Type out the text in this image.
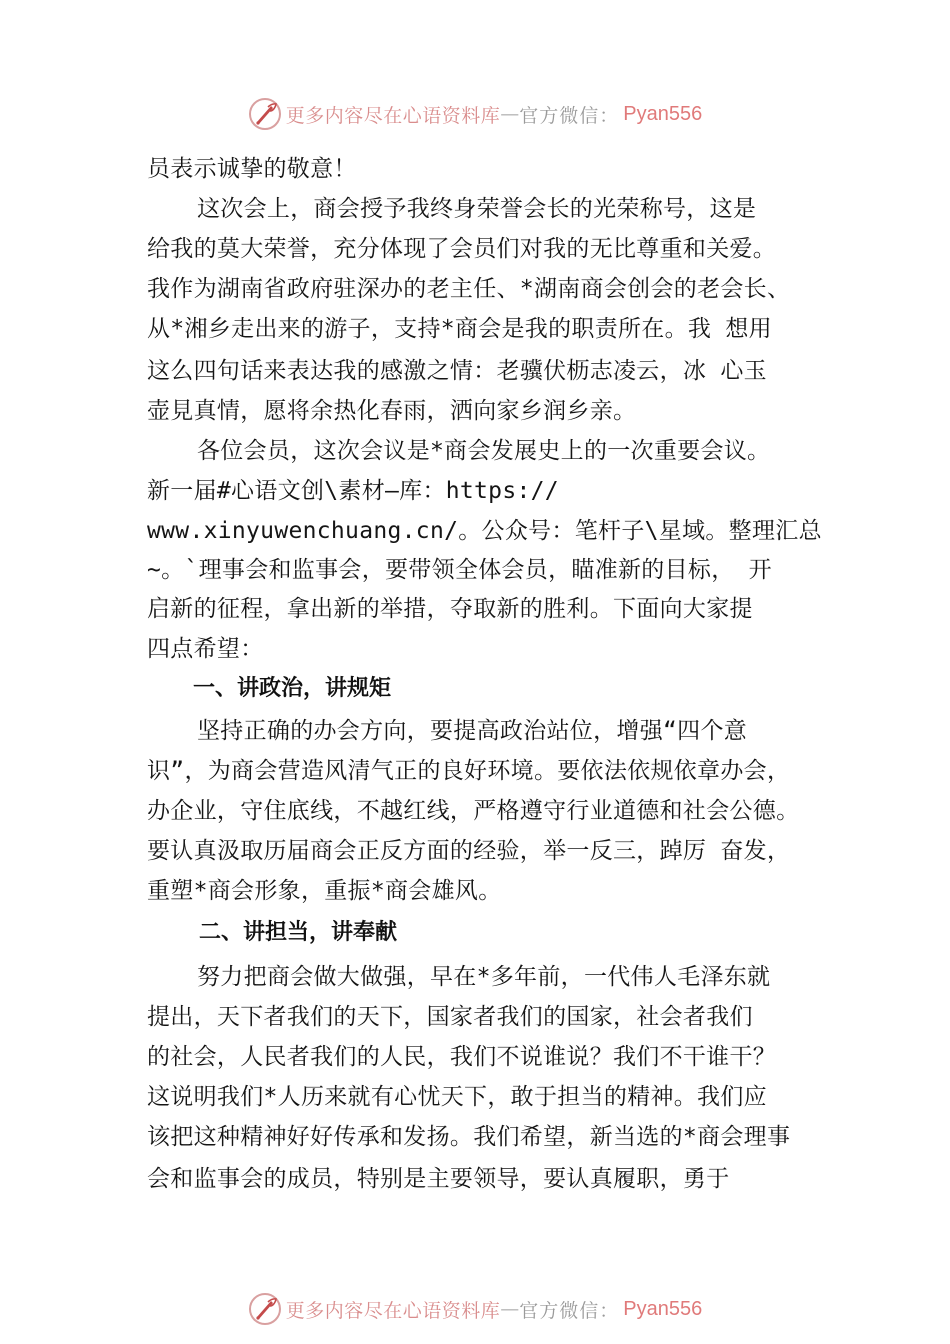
更多内容尽在心语资料库 — 官方微信： Pyan556
员表示诚挚的敬意！
这次会上，商会授予我终身荣誉会长的光荣称号，这是
给我的莫大荣誉，充分体现了会员们对我的无比尊重和关爱。
我作为湖南省政府驻深办的老主任、*湖南商会创会的老会长、
从*湘乡走出来的游子，支持*商会是我的职责所在。我 想用
这么四句话来表达我的感激之情：老骥伏枥志凌云，冰 心玉
壶見真情，愿将余热化春雨，洒向家乡润乡亲。
各位会员，这次会议是*商会发展史上的一次重要会议。
新一届#心语文创\素材—库：https://
www.xinyuwenchuang.cn/。公众号：笔杆子\星域。整理汇总
~。`理事会和监事会，要带领全体会员，瞄准新的目标， 开
启新的征程，拿出新的举措，夺取新的胜利。下面向大家提
四点希望：
一、讲政治，讲规矩
坚持正确的办会方向，要提高政治站位，增强“四个意
识”，为商会营造风清气正的良好环境。要依法依规依章办会，
办企业，守住底线，不越红线，严格遵守行业道德和社会公德。
要认真汲取历届商会正反方面的经验，举一反三，踔厉 奋发，
重塑*商会形象，重振*商会雄风。
二、讲担当，讲奉献
努力把商会做大做强，早在*多年前，一代伟人毛泽东就
提出，天下者我们的天下，国家者我们的国家，社会者我们
的社会，人民者我们的人民，我们不说谁说？我们不干谁干？
这说明我们*人历来就有心忧天下，敢于担当的精神。我们应
该把这种精神好好传承和发扬。我们希望，新当选的*商会理事
会和监事会的成员，特别是主要领导，要认真履职，勇于
更多内容尽在心语资料库 — 官方微信： Pyan556
